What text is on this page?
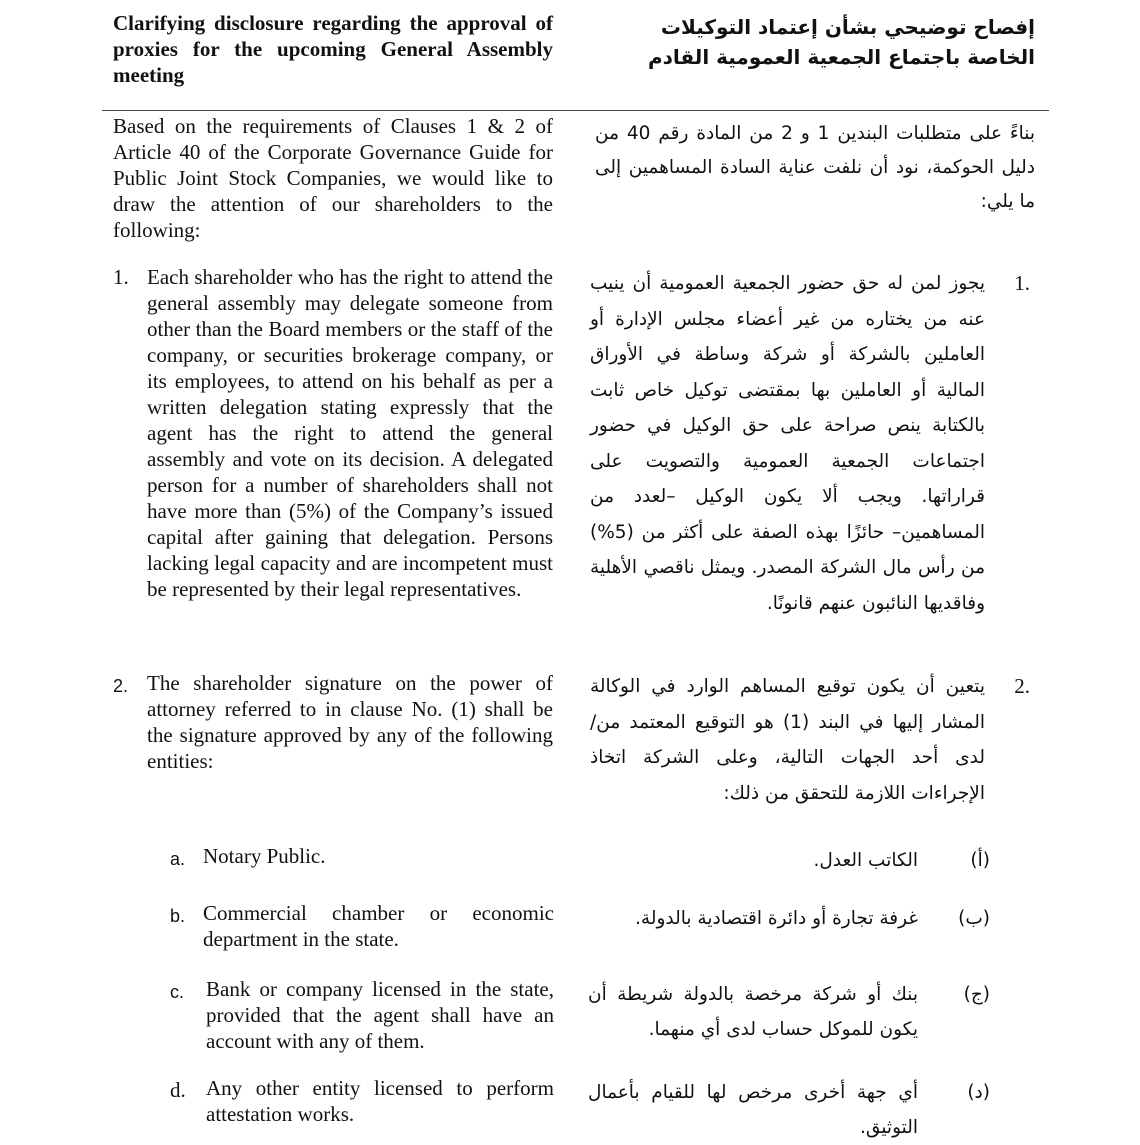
Clarifying disclosure regarding the approval of proxies for the upcoming General Assembly meeting
إفصاح توضيحي بشأن إعتماد التوكيلات الخاصة باجتماع الجمعية العمومية القادم
Based on the requirements of Clauses 1 & 2 of Article 40 of the Corporate Governance Guide for Public Joint Stock Companies, we would like to draw the attention of our shareholders to the following:
بناءً على متطلبات البندين 1 و 2 من المادة رقم 40 من دليل الحوكمة، نود أن نلفت عناية السادة المساهمين إلى ما يلي:
1. Each shareholder who has the right to attend the general assembly may delegate someone from other than the Board members or the staff of the company, or securities brokerage company, or its employees, to attend on his behalf as per a written delegation stating expressly that the agent has the right to attend the general assembly and vote on its decision. A delegated person for a number of shareholders shall not have more than (5%) of the Company’s issued capital after gaining that delegation. Persons lacking legal capacity and are incompetent must be represented by their legal representatives.
2. The shareholder signature on the power of attorney referred to in clause No. (1) shall be the signature approved by any of the following entities:
.1
يجوز لمن له حق حضور الجمعية العمومية أن ينيب عنه من يختاره من غير أعضاء مجلس الإدارة أو العاملين بالشركة أو شركة وساطة في الأوراق المالية أو العاملين بها بمقتضى توكيل خاص ثابت بالكتابة ينص صراحة على حق الوكيل في حضور اجتماعات الجمعية العمومية والتصويت على قراراتها. ويجب ألا يكون الوكيل –لعدد من المساهمين– حائزًا بهذه الصفة على أكثر من (5%) من رأس مال الشركة المصدر. ويمثل ناقصي الأهلية وفاقديها النائبون عنهم قانونًا.
.2
يتعين أن يكون توقيع المساهم الوارد في الوكالة المشار إليها في البند (1) هو التوقيع المعتمد من/لدى أحد الجهات التالية، وعلى الشركة اتخاذ الإجراءات اللازمة للتحقق من ذلك:
a. Notary Public.
b. Commercial chamber or economic department in the state.
c. Bank or company licensed in the state, provided that the agent shall have an account with any of them.
d. Any other entity licensed to perform attestation works.
(أ)
الكاتب العدل.
(ب)
غرفة تجارة أو دائرة اقتصادية بالدولة.
(ج)
بنك أو شركة مرخصة بالدولة شريطة أن يكون للموكل حساب لدى أي منهما.
(د)
أي جهة أخرى مرخص لها للقيام بأعمال التوثيق.
